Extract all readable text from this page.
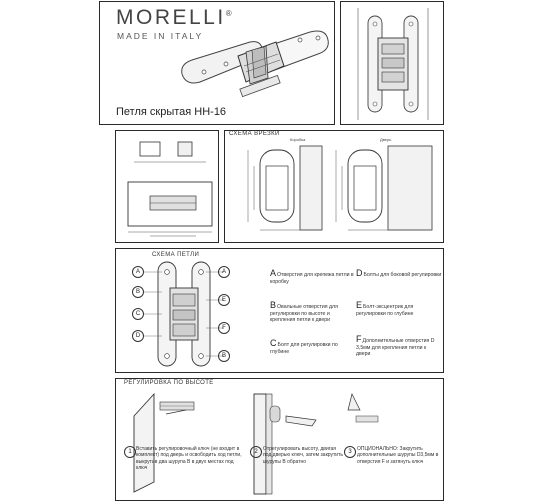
MORELLI®
MADE IN ITALY
Петля скрытая НН-16
СХЕМА ВРЕЗКИ
Коробка	Дверь
СХЕМА ПЕТЛИ
A
B
C
D
A
E
F
B
AОтверстия для крепежа петли в коробку
BОвальные отверстия для регулировки по высоте и крепления петли к двери
CБолт для регулировки по глубине
DБолты для боковой регулировки
EБолт-эксцентрик для регулировки по глубине
FДополнительные отверстия D 3,5мм для крепления петли к двери
РЕГУЛИРОВКА ПО ВЫСОТЕ
1 Вставить регулировочный ключ (не входит в комплект) под дверь и освободить ход петли, выкрутив два шурупа В в двух местах под ключ
2	Отрегулировать высоту, двигая под дверью ключ, затем закрутить шурупы В обратно
3	ОПЦИОНАЛЬНО: Закрутить дополнительные шурупы D3,5мм в отверстия F и затянуть ключ
